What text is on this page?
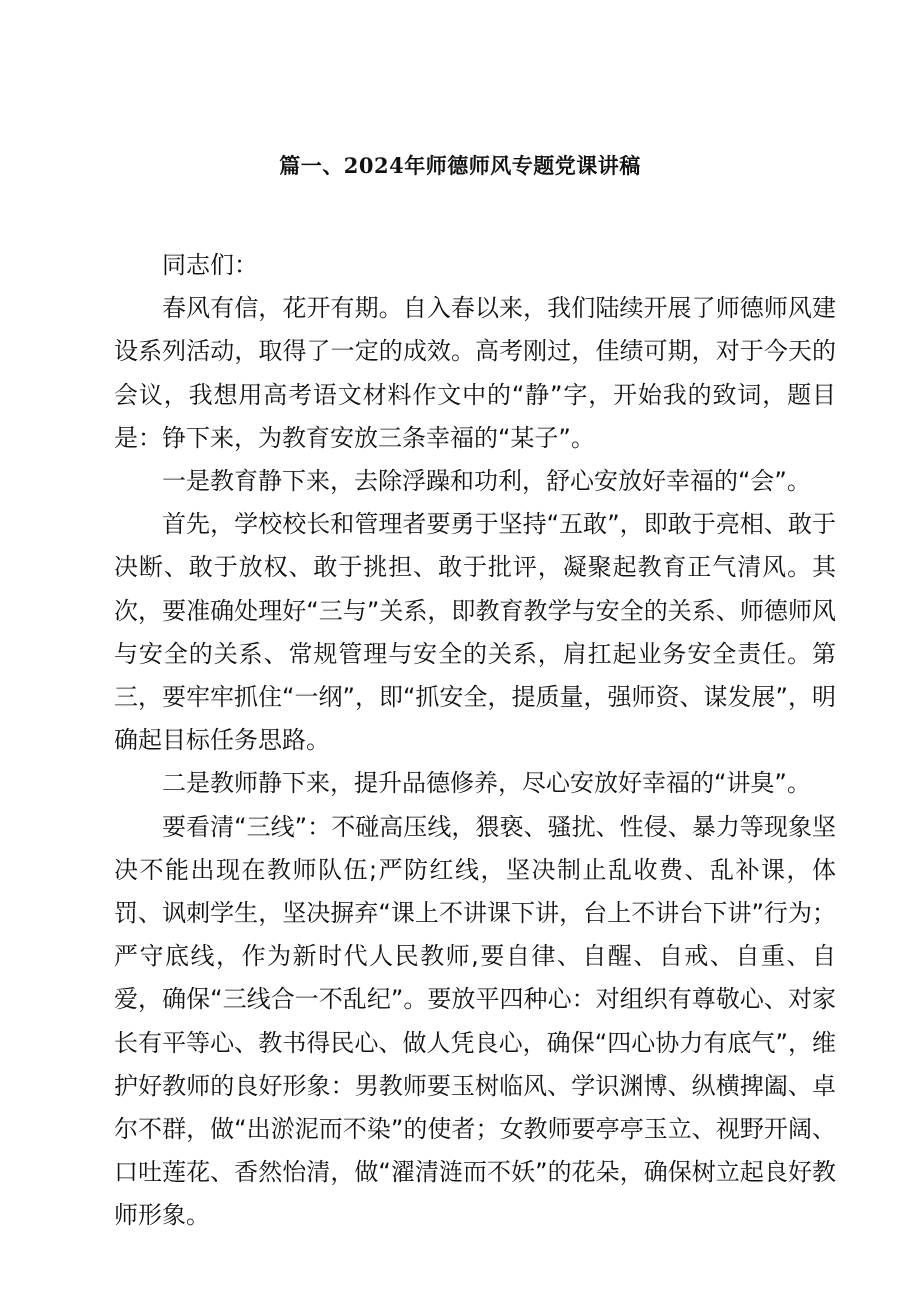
篇一、2024年师德师风专题党课讲稿

同志们：

春风有信，花开有期。自入春以来，我们陆续开展了师德师风建设系列活动，取得了一定的成效。高考刚过，佳绩可期，对于今天的会议，我想用高考语文材料作文中的“静”字，开始我的致词，题目是：铮下来，为教育安放三条幸福的“某子”。

一是教育静下来，去除浮躁和功利，舒心安放好幸福的“会”。

首先，学校校长和管理者要勇于坚持“五敢”，即敢于亮相、敢于决断、敢于放权、敢于挑担、敢于批评，凝聚起教育正气清风。其次，要准确处理好“三与”关系，即教育教学与安全的关系、师德师风与安全的关系、常规管理与安全的关系，肩扛起业务安全责任。第三，要牢牢抓住“一纲”，即“抓安全，提质量，强师资、谋发展”，明确起目标任务思路。

二是教师静下来，提升品德修养，尽心安放好幸福的“讲臭”。

要看清“三线”：不碰高压线，猥亵、骚扰、性侵、暴力等现象坚决不能出现在教师队伍;严防红线，坚决制止乱收费、乱补课，体罚、讽刺学生，坚决摒弃“课上不讲课下讲，台上不讲台下讲”行为；严守底线，作为新时代人民教师,要自律、自醒、自戒、自重、自爱，确保“三线合一不乱纪”。要放平四种心：对组织有尊敬心、对家长有平等心、教书得民心、做人凭良心，确保“四心协力有底气”，维护好教师的良好形象：男教师要玉树临风、学识渊博、纵横捭阖、卓尔不群，做“出淤泥而不染”的使者；女教师要亭亭玉立、视野开阔、口吐莲花、香然怡清，做“濯清涟而不妖”的花朵，确保树立起良好教师形象。
